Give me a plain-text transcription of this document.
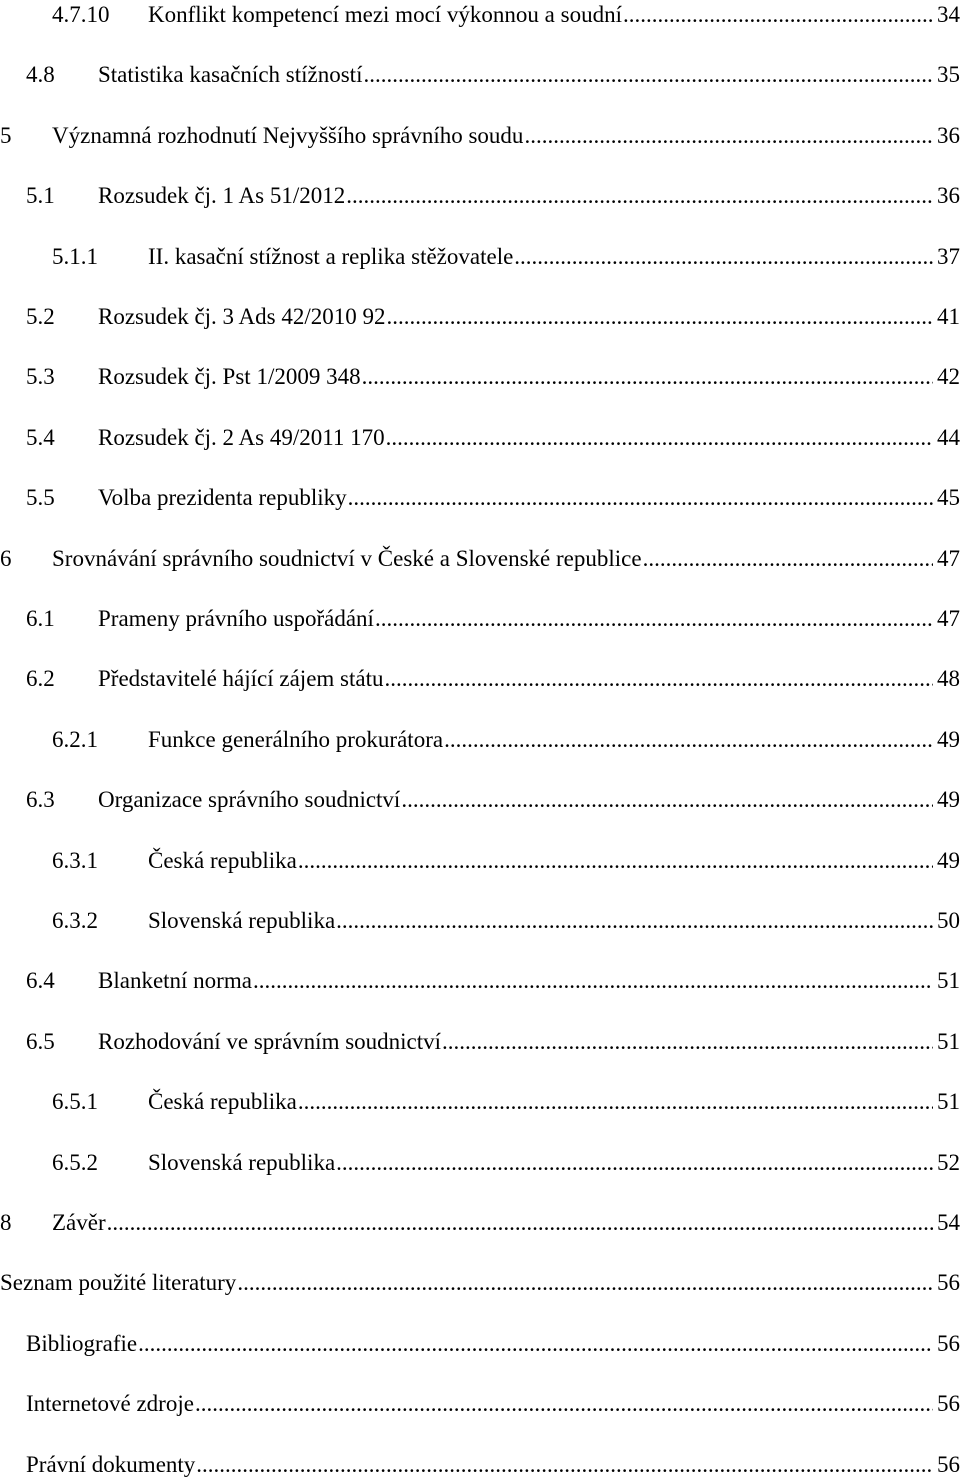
4.7.10 Konflikt kompetencí mezi mocí výkonnou a soudní .....	34
4.8 Statistika kasačních stížností .....	35
5 Významná rozhodnutí Nejvyššího správního soudu .....	36
5.1 Rozsudek čj. 1 As 51/2012 .....	36
5.1.1 II. kasační stížnost a replika stěžovatele .....	37
5.2 Rozsudek čj. 3 Ads 42/2010 92 .....	41
5.3 Rozsudek čj. Pst 1/2009 348 .....	42
5.4 Rozsudek čj. 2 As 49/2011 170 .....	44
5.5 Volba prezidenta republiky .....	45
6 Srovnávání správního soudnictví v České a Slovenské republice .....	47
6.1 Prameny právního uspořádání .....	47
6.2 Představitelé hájící zájem státu .....	48
6.2.1 Funkce generálního prokurátora .....	49
6.3 Organizace správního soudnictví .....	49
6.3.1 Česká republika .....	49
6.3.2 Slovenská republika .....	50
6.4 Blanketní norma .....	51
6.5 Rozhodování ve správním soudnictví .....	51
6.5.1 Česká republika .....	51
6.5.2 Slovenská republika .....	52
8 Závěr .....	54
Seznam použité literatury .....	56
Bibliografie .....	56
Internetové zdroje .....	56
Právní dokumenty .....	56
